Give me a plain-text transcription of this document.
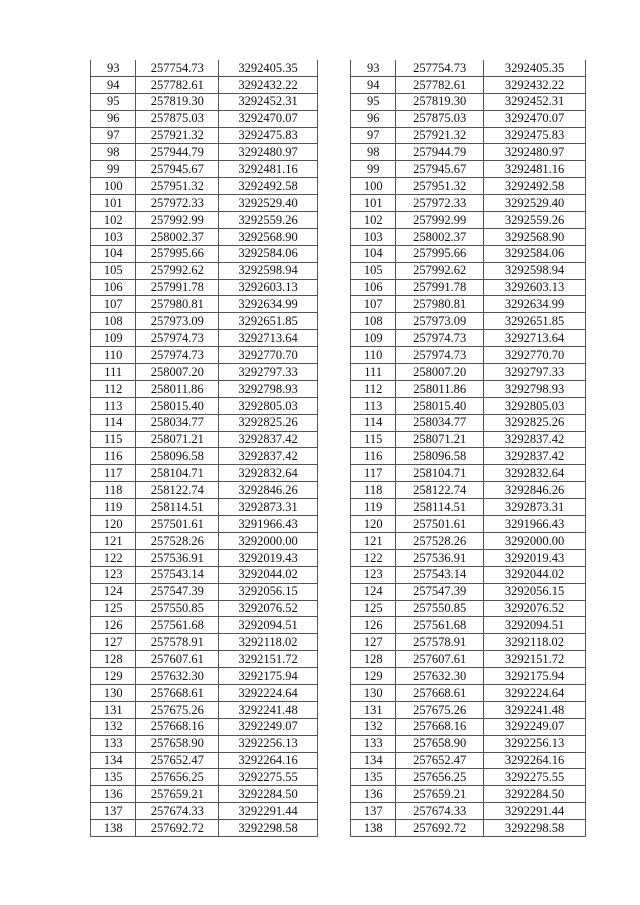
93	257754.73	3292405.35
94	257782.61	3292432.22
95	257819.30	3292452.31
96	257875.03	3292470.07
97	257921.32	3292475.83
98	257944.79	3292480.97
99	257945.67	3292481.16
100	257951.32	3292492.58
101	257972.33	3292529.40
102	257992.99	3292559.26
103	258002.37	3292568.90
104	257995.66	3292584.06
105	257992.62	3292598.94
106	257991.78	3292603.13
107	257980.81	3292634.99
108	257973.09	3292651.85
109	257974.73	3292713.64
110	257974.73	3292770.70
111	258007.20	3292797.33
112	258011.86	3292798.93
113	258015.40	3292805.03
114	258034.77	3292825.26
115	258071.21	3292837.42
116	258096.58	3292837.42
117	258104.71	3292832.64
118	258122.74	3292846.26
119	258114.51	3292873.31
120	257501.61	3291966.43
121	257528.26	3292000.00
122	257536.91	3292019.43
123	257543.14	3292044.02
124	257547.39	3292056.15
125	257550.85	3292076.52
126	257561.68	3292094.51
127	257578.91	3292118.02
128	257607.61	3292151.72
129	257632.30	3292175.94
130	257668.61	3292224.64
131	257675.26	3292241.48
132	257668.16	3292249.07
133	257658.90	3292256.13
134	257652.47	3292264.16
135	257656.25	3292275.55
136	257659.21	3292284.50
137	257674.33	3292291.44
138	257692.72	3292298.58
93	257754.73	3292405.35
94	257782.61	3292432.22
95	257819.30	3292452.31
96	257875.03	3292470.07
97	257921.32	3292475.83
98	257944.79	3292480.97
99	257945.67	3292481.16
100	257951.32	3292492.58
101	257972.33	3292529.40
102	257992.99	3292559.26
103	258002.37	3292568.90
104	257995.66	3292584.06
105	257992.62	3292598.94
106	257991.78	3292603.13
107	257980.81	3292634.99
108	257973.09	3292651.85
109	257974.73	3292713.64
110	257974.73	3292770.70
111	258007.20	3292797.33
112	258011.86	3292798.93
113	258015.40	3292805.03
114	258034.77	3292825.26
115	258071.21	3292837.42
116	258096.58	3292837.42
117	258104.71	3292832.64
118	258122.74	3292846.26
119	258114.51	3292873.31
120	257501.61	3291966.43
121	257528.26	3292000.00
122	257536.91	3292019.43
123	257543.14	3292044.02
124	257547.39	3292056.15
125	257550.85	3292076.52
126	257561.68	3292094.51
127	257578.91	3292118.02
128	257607.61	3292151.72
129	257632.30	3292175.94
130	257668.61	3292224.64
131	257675.26	3292241.48
132	257668.16	3292249.07
133	257658.90	3292256.13
134	257652.47	3292264.16
135	257656.25	3292275.55
136	257659.21	3292284.50
137	257674.33	3292291.44
138	257692.72	3292298.58
